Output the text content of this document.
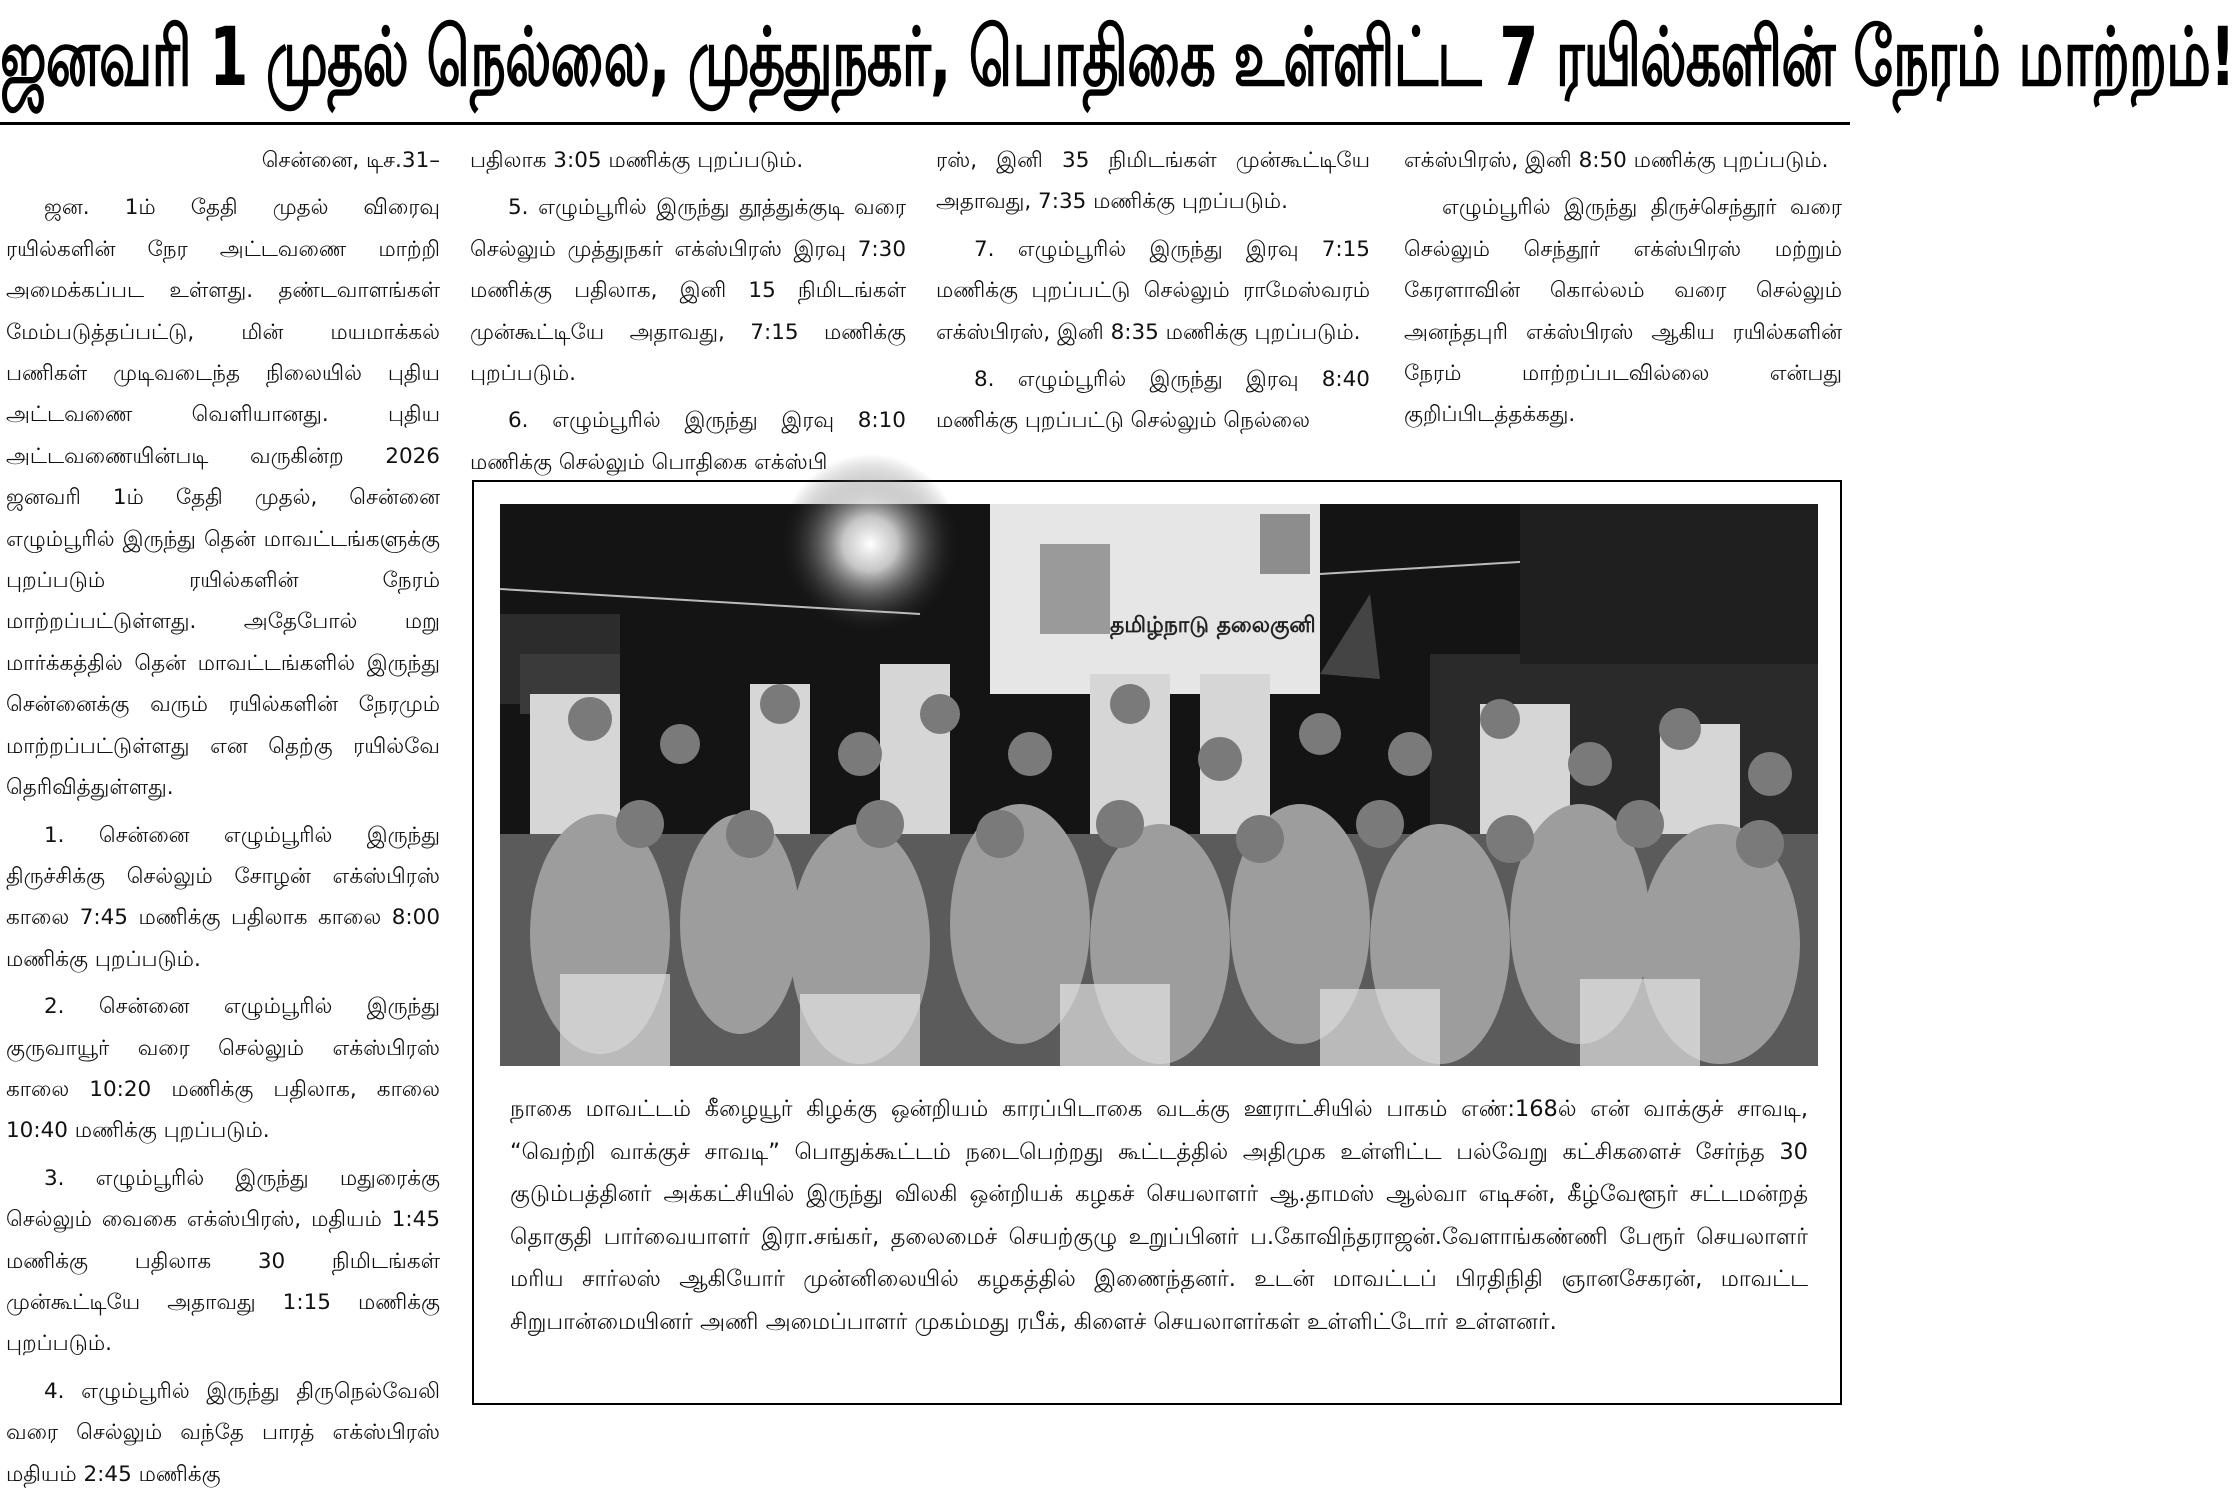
ஜனவரி 1 முதல் நெல்லை, முத்துநகர், பொதிகை உள்ளிட்ட 7 ரயில்களின் நேரம் மாற்றம்!

சென்னை, டிச.31–

ஜன. 1ம் தேதி முதல் விரைவு ரயில்களின் நேர அட்டவணை மாற்றி அமைக்கப்பட உள்ளது. தண்டவாளங்கள் மேம்படுத்தப்பட்டு, மின் மயமாக்கல் பணிகள் முடிவடைந்த நிலையில் புதிய அட்டவணை வெளியானது. புதிய அட்டவணையின்படி வருகின்ற 2026 ஜனவரி 1ம் தேதி முதல், சென்னை எழும்பூரில் இருந்து தென் மாவட்டங்களுக்கு புறப்படும் ரயில்களின் நேரம் மாற்றப்பட்டுள்ளது. அதேபோல் மறு மார்க்கத்தில் தென் மாவட்டங்களில் இருந்து சென்னைக்கு வரும் ரயில்களின் நேரமும் மாற்றப்பட்டுள்ளது என தெற்கு ரயில்வே தெரிவித்துள்ளது.

1. சென்னை எழும்பூரில் இருந்து திருச்சிக்கு செல்லும் சோழன் எக்ஸ்பிரஸ் காலை 7:45 மணிக்கு பதிலாக காலை 8:00 மணிக்கு புறப்படும்.

2. சென்னை எழும்பூரில் இருந்து குருவாயூர் வரை செல்லும் எக்ஸ்பிரஸ் காலை 10:20 மணிக்கு பதிலாக, காலை 10:40 மணிக்கு புறப்படும்.

3. எழும்பூரில் இருந்து மதுரைக்கு செல்லும் வைகை எக்ஸ்பிரஸ், மதியம் 1:45 மணிக்கு பதிலாக 30 நிமிடங்கள் முன்கூட்டியே அதாவது 1:15 மணிக்கு புறப்படும்.

4. எழும்பூரில் இருந்து திருநெல்வேலி வரை செல்லும் வந்தே பாரத் எக்ஸ்பிரஸ் மதியம் 2:45 மணிக்கு

பதிலாக 3:05 மணிக்கு புறப்படும்.

5. எழும்பூரில் இருந்து தூத்துக்குடி வரை செல்லும் முத்துநகர் எக்ஸ்பிரஸ் இரவு 7:30 மணிக்கு பதிலாக, இனி 15 நிமிடங்கள் முன்கூட்டியே அதாவது, 7:15 மணிக்கு புறப்படும்.

6. எழும்பூரில் இருந்து இரவு 8:10 மணிக்கு செல்லும் பொதிகை எக்ஸ்பி

ரஸ், இனி 35 நிமிடங்கள் முன்கூட்டியே அதாவது, 7:35 மணிக்கு புறப்படும்.

7. எழும்பூரில் இருந்து இரவு 7:15 மணிக்கு புறப்பட்டு செல்லும் ராமேஸ்வரம் எக்ஸ்பிரஸ், இனி 8:35 மணிக்கு புறப்படும்.

8. எழும்பூரில் இருந்து இரவு 8:40 மணிக்கு புறப்பட்டு செல்லும் நெல்லை

எக்ஸ்பிரஸ், இனி 8:50 மணிக்கு புறப்படும்.

எழும்பூரில் இருந்து திருச்செந்தூர் வரை செல்லும் செந்தூர் எக்ஸ்பிரஸ் மற்றும் கேரளாவின் கொல்லம் வரை செல்லும் அனந்தபுரி எக்ஸ்பிரஸ் ஆகிய ரயில்களின் நேரம் மாற்றப்படவில்லை என்பது குறிப்பிடத்தக்கது.

தமிழ்நாடு தலைகுனி
நாகை மாவட்டம் கீழையூர் கிழக்கு ஒன்றியம் காரப்பிடாகை வடக்கு ஊராட்சியில் பாகம் எண்:168ல் என் வாக்குச் சாவடி, “வெற்றி வாக்குச் சாவடி” பொதுக்கூட்டம் நடைபெற்றது கூட்டத்தில் அதிமுக உள்ளிட்ட பல்வேறு கட்சிகளைச் சேர்ந்த 30 குடும்பத்தினர் அக்கட்சியில் இருந்து விலகி ஒன்றியக் கழகச் செயலாளர் ஆ.தாமஸ் ஆல்வா எடிசன், கீழ்வேளூர் சட்டமன்றத் தொகுதி பார்வையாளர் இரா.சங்கர், தலைமைச் செயற்குழு உறுப்பினர் ப.கோவிந்தராஜன்.வேளாங்கண்ணி பேரூர் செயலாளர் மரிய சார்லஸ் ஆகியோர் முன்னிலையில் கழகத்தில் இணைந்தனர். உடன் மாவட்டப் பிரதிநிதி ஞானசேகரன், மாவட்ட சிறுபான்மையினர் அணி அமைப்பாளர் முகம்மது ரபீக், கிளைச் செயலாளர்கள் உள்ளிட்டோர் உள்ளனர்.
